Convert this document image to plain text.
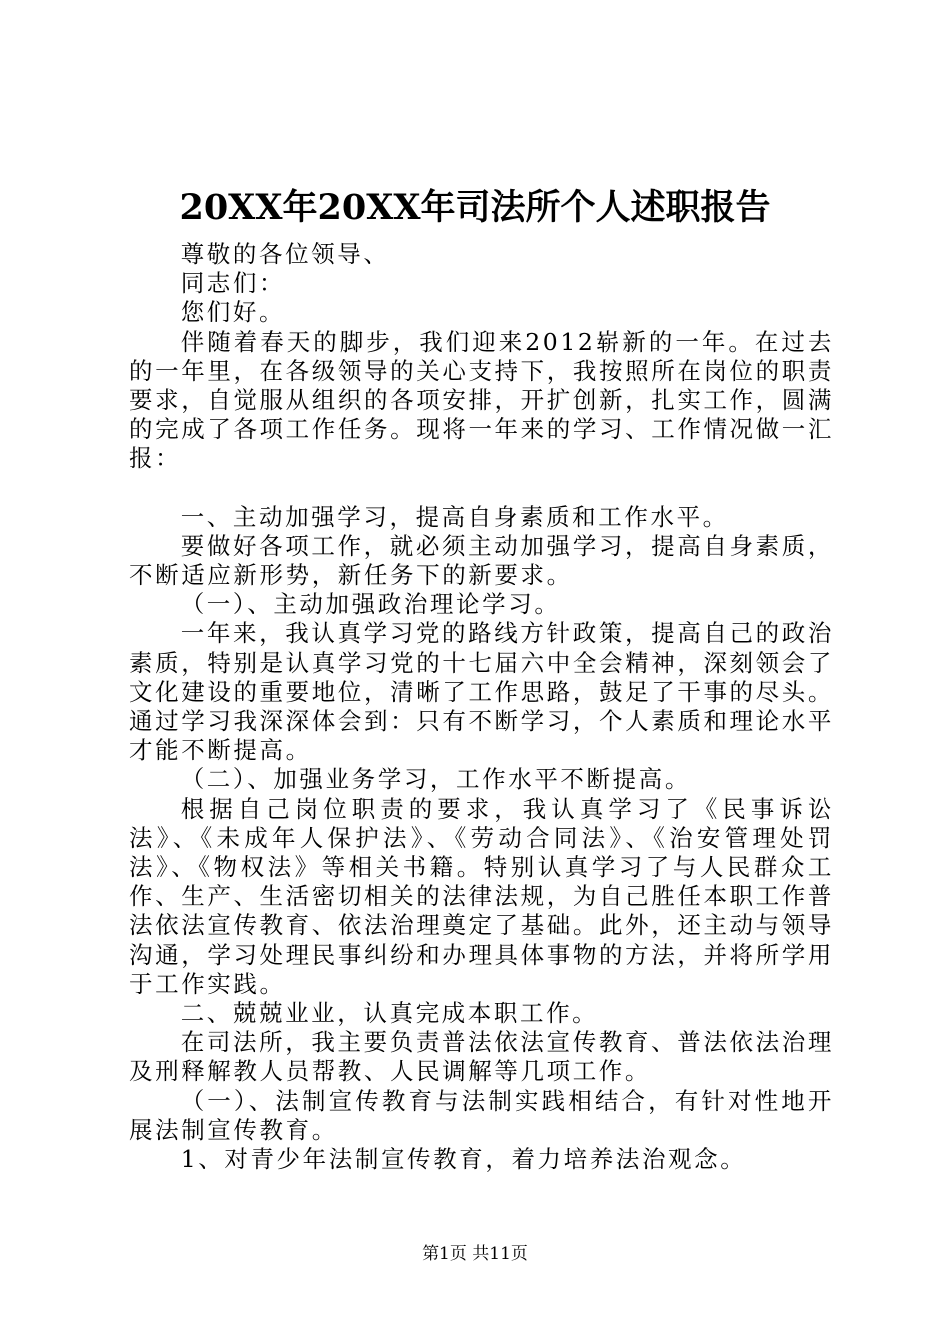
20XX年20XX年司法所个人述职报告

尊敬的各位领导、

同志们：

您们好。

伴随着春天的脚步，我们迎来2012崭新的一年。在过去的一年里，在各级领导的关心支持下，我按照所在岗位的职责要求，自觉服从组织的各项安排，开扩创新，扎实工作，圆满的完成了各项工作任务。现将一年来的学习、工作情况做一汇报：

一、主动加强学习，提高自身素质和工作水平。

要做好各项工作，就必须主动加强学习，提高自身素质，不断适应新形势，新任务下的新要求。

（一）、主动加强政治理论学习。

一年来，我认真学习党的路线方针政策，提高自己的政治素质，特别是认真学习党的十七届六中全会精神，深刻领会了文化建设的重要地位，清晰了工作思路，鼓足了干事的尽头。通过学习我深深体会到：只有不断学习，个人素质和理论水平才能不断提高。

（二）、加强业务学习，工作水平不断提高。

根据自己岗位职责的要求，我认真学习了《民事诉讼法》、《未成年人保护法》、《劳动合同法》、《治安管理处罚法》、《物权法》等相关书籍。特别认真学习了与人民群众工作、生产、生活密切相关的法律法规，为自己胜任本职工作普法依法宣传教育、依法治理奠定了基础。此外，还主动与领导沟通，学习处理民事纠纷和办理具体事物的方法，并将所学用于工作实践。

二、兢兢业业，认真完成本职工作。

在司法所，我主要负责普法依法宣传教育、普法依法治理及刑释解教人员帮教、人民调解等几项工作。

（一）、法制宣传教育与法制实践相结合，有针对性地开展法制宣传教育。

1、对青少年法制宣传教育，着力培养法治观念。

第1页 共11页
